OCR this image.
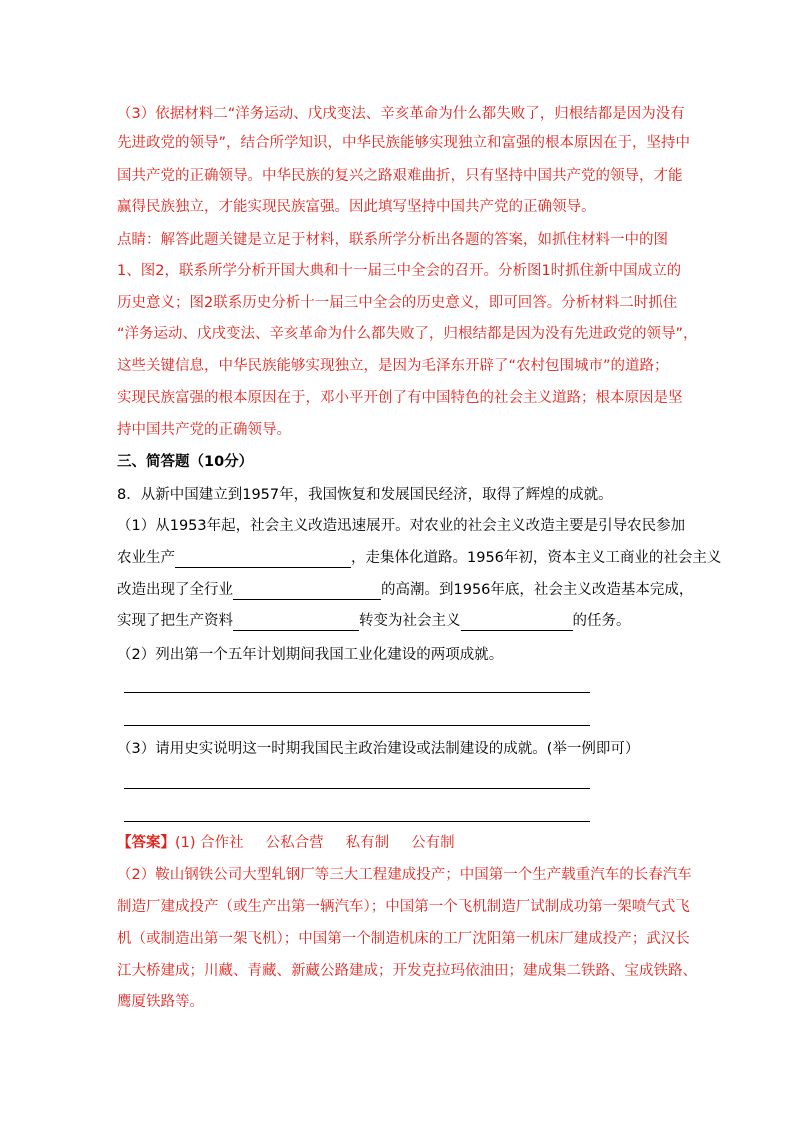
（3）依据材料二“洋务运动、戊戌变法、辛亥革命为什么都失败了，归根结都是因为没有
先进政党的领导”，结合所学知识，中华民族能够实现独立和富强的根本原因在于，坚持中
国共产党的正确领导。中华民族的复兴之路艰难曲折，只有坚持中国共产党的领导，才能
赢得民族独立，才能实现民族富强。因此填写坚持中国共产党的正确领导。
点睛：解答此题关键是立足于材料，联系所学分析出各题的答案，如抓住材料一中的图
1、图2，联系所学分析开国大典和十一届三中全会的召开。分析图1时抓住新中国成立的
历史意义；图2联系历史分析十一届三中全会的历史意义，即可回答。分析材料二时抓住
“洋务运动、戊戌变法、辛亥革命为什么都失败了，归根结都是因为没有先进政党的领导”，
这些关键信息，中华民族能够实现独立，是因为毛泽东开辟了“农村包围城市”的道路；
实现民族富强的根本原因在于，邓小平开创了有中国特色的社会主义道路；根本原因是坚
持中国共产党的正确领导。
三、简答题（10分）
8．从新中国建立到1957年，我国恢复和发展国民经济，取得了辉煌的成就。
（1）从1953年起，社会主义改造迅速展开。对农业的社会主义改造主要是引导农民参加
农业生产	，走集体化道路。1956年初，资本主义工商业的社会主义
改造出现了全行业	的高潮。到1956年底，社会主义改造基本完成，
实现了把生产资料	转变为社会主义	的任务。
（2）列出第一个五年计划期间我国工业化建设的两项成就。
（3）请用史实说明这一时期我国民主政治建设或法制建设的成就。(举一例即可）
【答案】(1) 合作社 公私合营 私有制 公有制
（2）鞍山钢铁公司大型轧钢厂等三大工程建成投产；中国第一个生产载重汽车的长春汽车
制造厂建成投产（或生产出第一辆汽车）；中国第一个飞机制造厂试制成功第一架喷气式飞
机（或制造出第一架飞机）；中国第一个制造机床的工厂沈阳第一机床厂建成投产；武汉长
江大桥建成；川藏、青藏、新藏公路建成；开发克拉玛依油田；建成集二铁路、宝成铁路、
鹰厦铁路等。
